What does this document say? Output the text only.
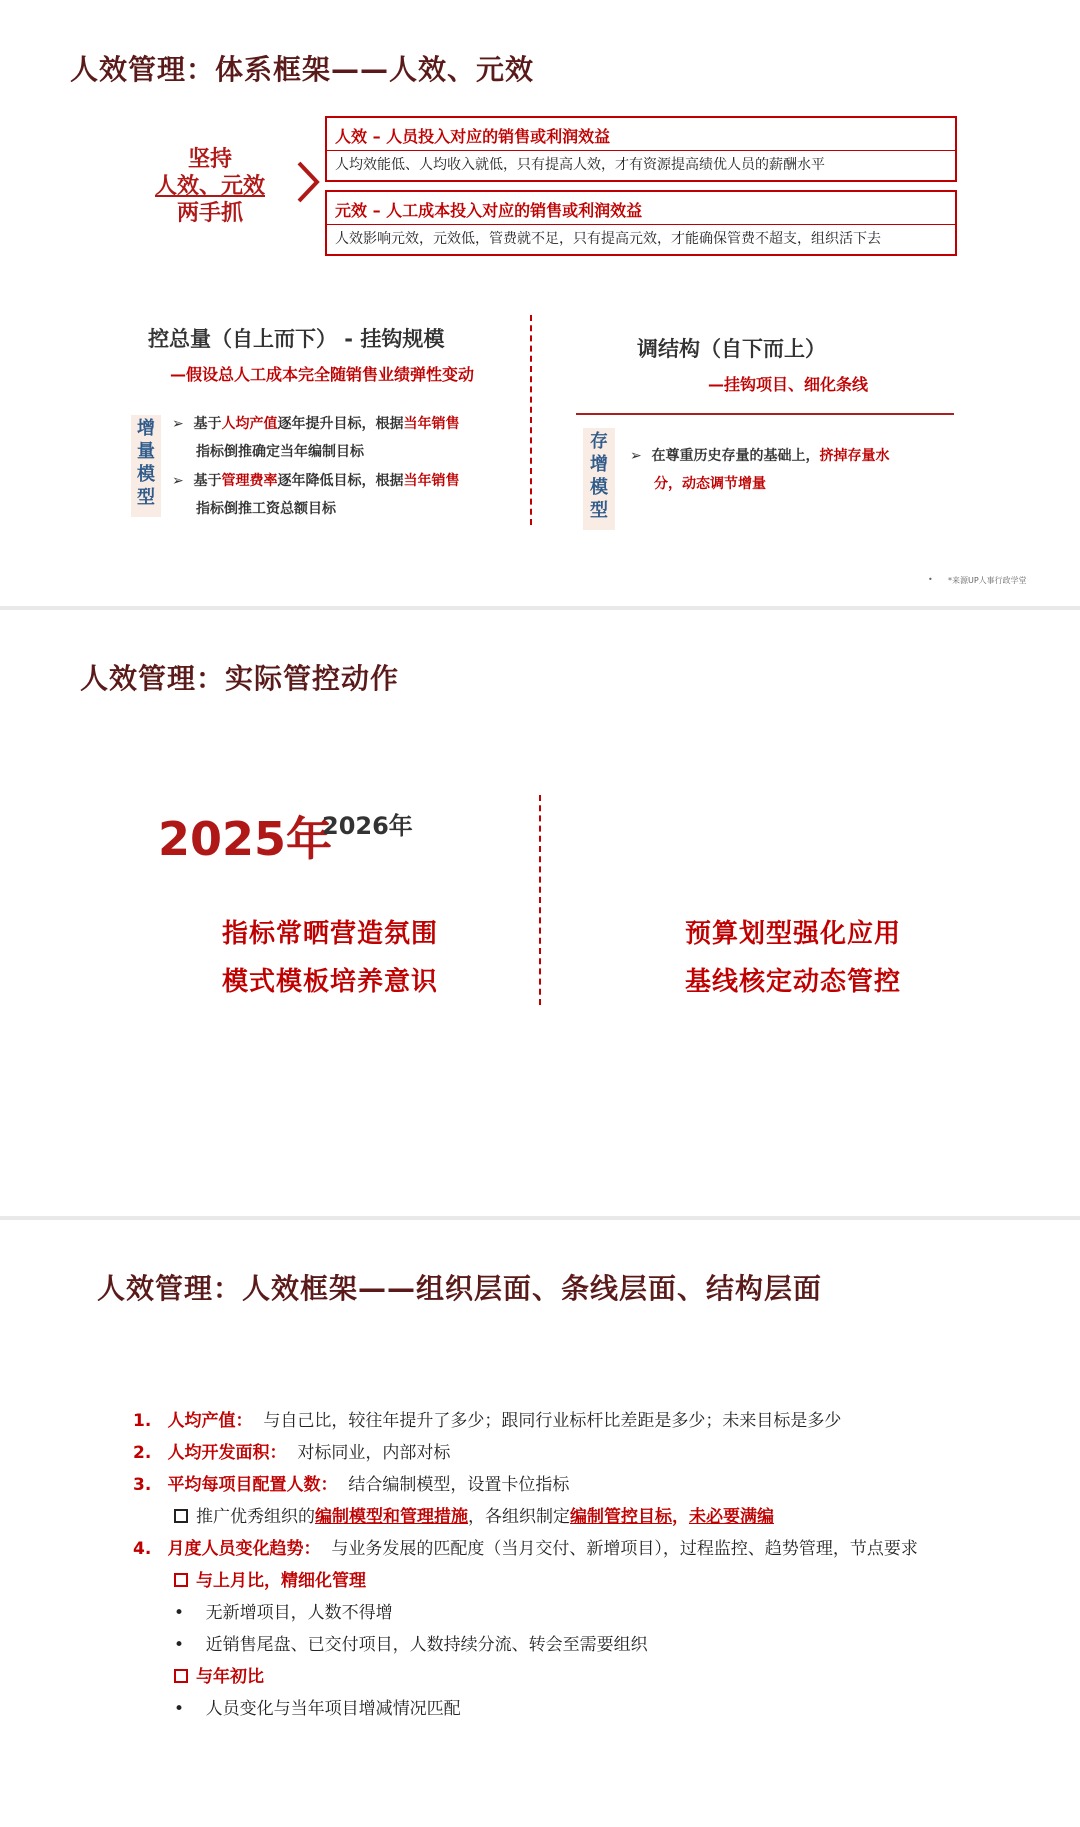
人效管理：体系框架——人效、元效
坚持
人效、元效
两手抓
人效 – 人员投入对应的销售或利润效益
人均效能低、人均收入就低，只有提高人效，才有资源提高绩优人员的薪酬水平
元效 – 人工成本投入对应的销售或利润效益
人效影响元效，元效低，管费就不足，只有提高元效，才能确保管费不超支，组织活下去
控总量（自上而下） - 挂钩规模
—假设总人工成本完全随销售业绩弹性变动
增
量
模
型
➢ 基于人均产值逐年提升目标，根据当年销售
指标倒推确定当年编制目标
➢ 基于管理费率逐年降低目标，根据当年销售
指标倒推工资总额目标
调结构（自下而上）
—挂钩项目、细化条线
存
增
模
型
➢ 在尊重历史存量的基础上，挤掉存量水
分，动态调节增量
• *来源UP人事行政学堂
人效管理：实际管控动作
2025年
2026年
指标常晒营造氛围
模式模板培养意识
预算划型强化应用
基线核定动态管控
人效管理：人效框架——组织层面、条线层面、结构层面
1. 人均产值： 与自己比，较往年提升了多少；跟同行业标杆比差距是多少；未来目标是多少
2. 人均开发面积： 对标同业，内部对标
3. 平均每项目配置人数： 结合编制模型，设置卡位指标
推广优秀组织的编制模型和管理措施，各组织制定编制管控目标，未必要满编
4. 月度人员变化趋势： 与业务发展的匹配度（当月交付、新增项目），过程监控、趋势管理，节点要求
与上月比，精细化管理
• 无新增项目，人数不得增
• 近销售尾盘、已交付项目，人数持续分流、转会至需要组织
与年初比
• 人员变化与当年项目增减情况匹配
